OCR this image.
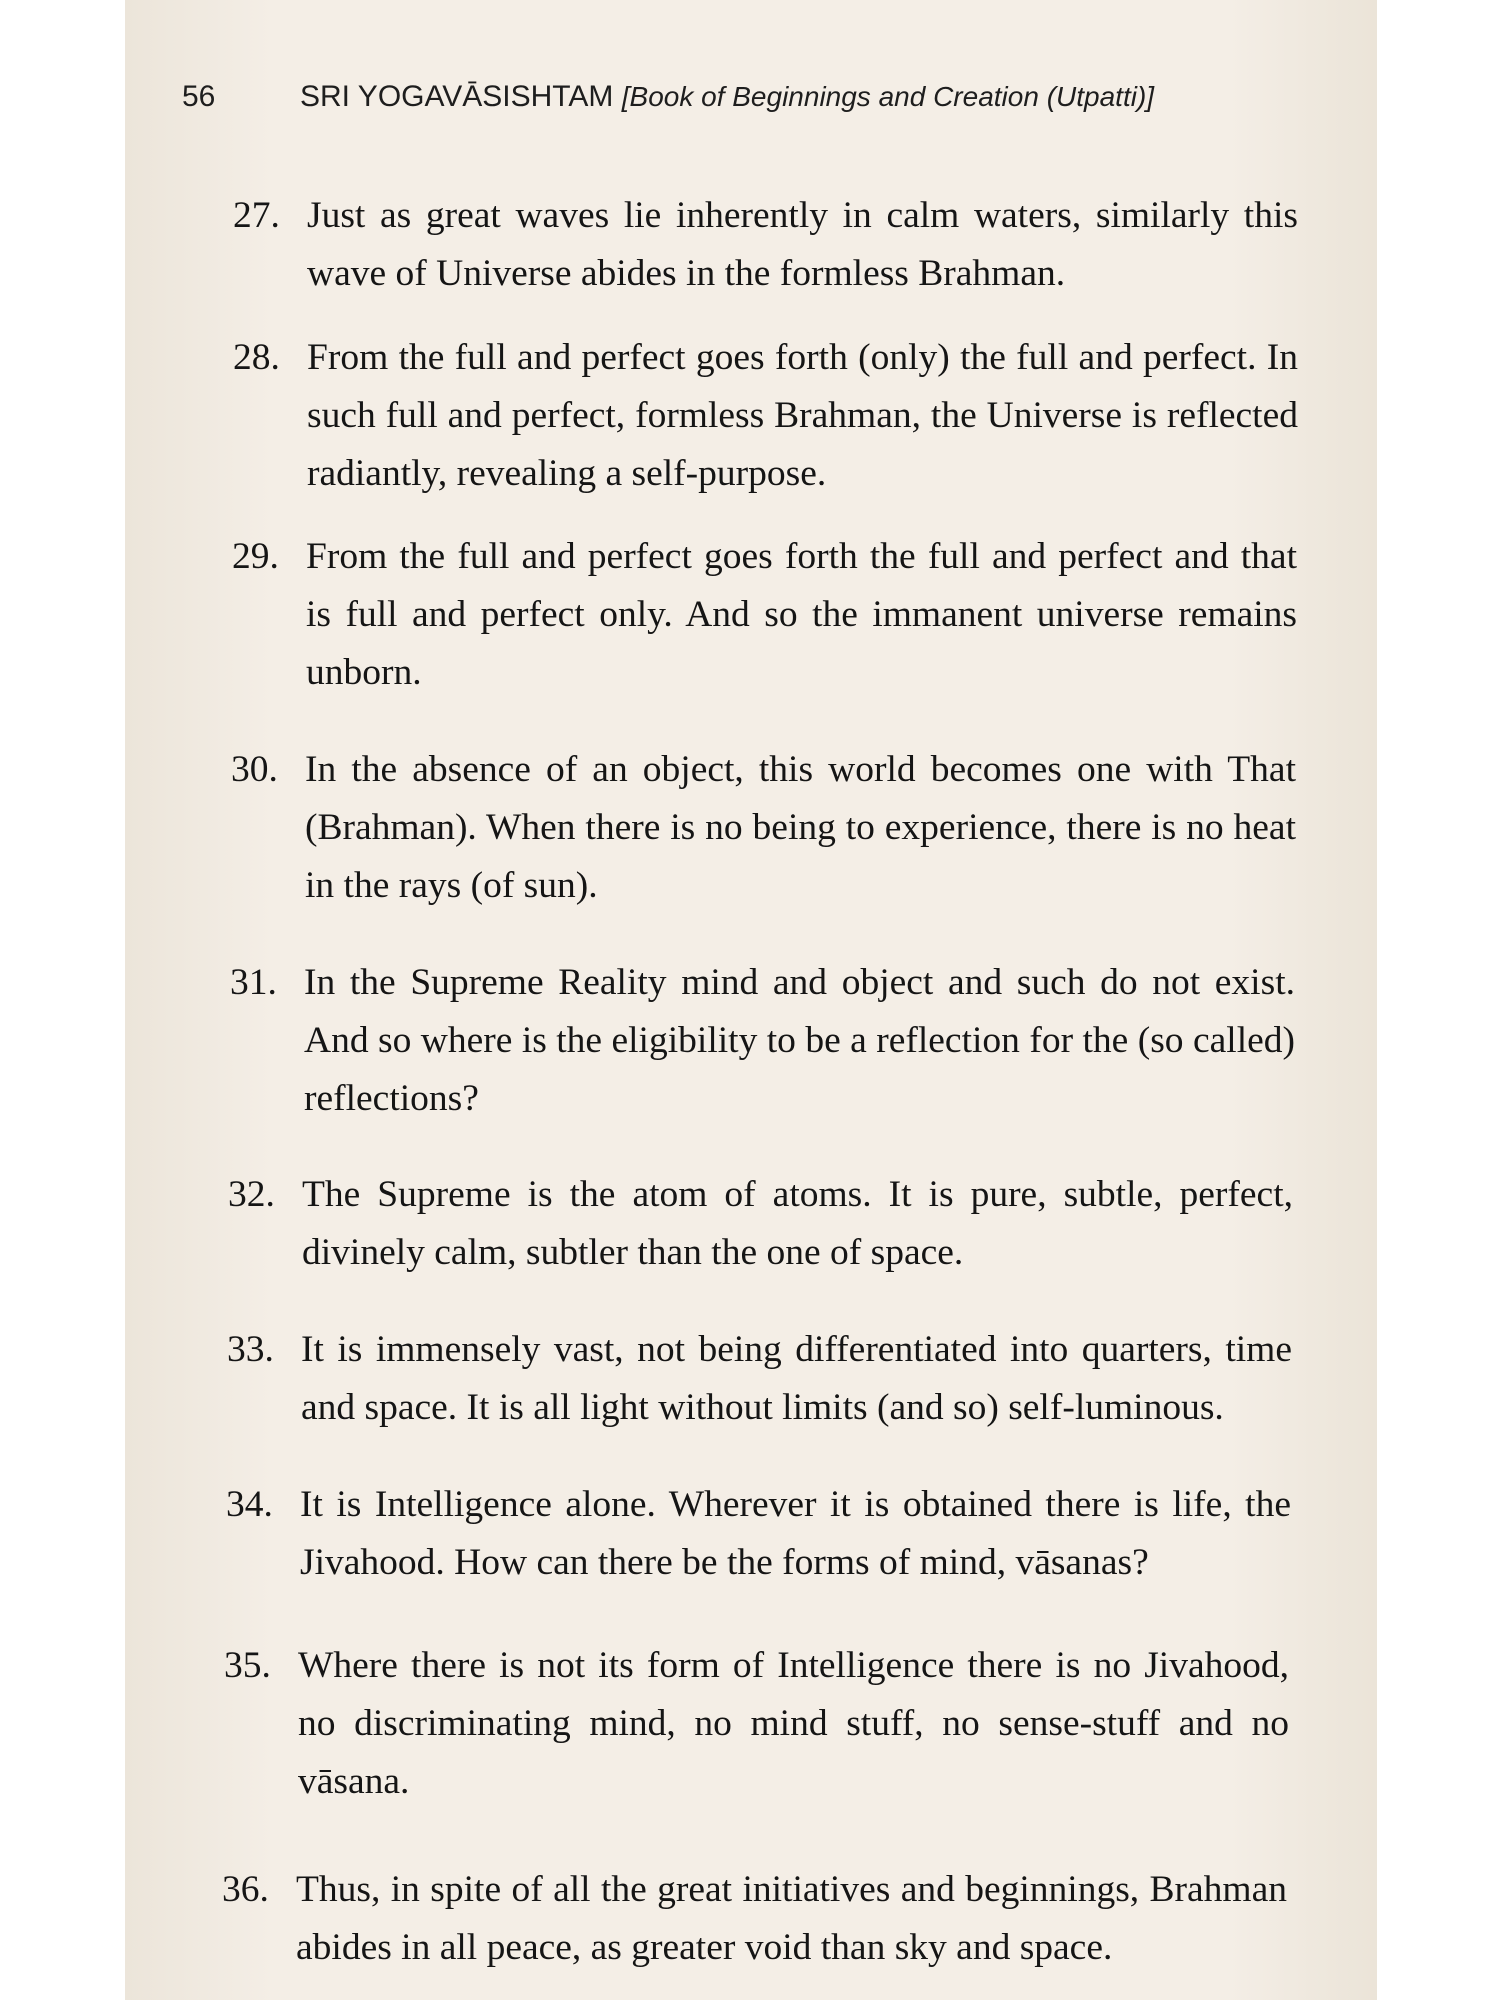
56	SRI YOGAVĀSISHTAM [Book of Beginnings and Creation (Utpatti)]
27. Just as great waves lie inherently in calm waters, similarly this wave of Universe abides in the formless Brahman.
28. From the full and perfect goes forth (only) the full and perfect. In such full and perfect, formless Brahman, the Universe is reflected radiantly, revealing a self-purpose.
29. From the full and perfect goes forth the full and perfect and that is full and perfect only. And so the immanent universe remains unborn.
30. In the absence of an object, this world becomes one with That (Brahman). When there is no being to experience, there is no heat in the rays (of sun).
31. In the Supreme Reality mind and object and such do not exist. And so where is the eligibility to be a reflection for the (so called) reflections?
32. The Supreme is the atom of atoms. It is pure, subtle, perfect, divinely calm, subtler than the one of space.
33. It is immensely vast, not being differentiated into quarters, time and space. It is all light without limits (and so) self-luminous.
34. It is Intelligence alone. Wherever it is obtained there is life, the Jivahood. How can there be the forms of mind, vāsanas?
35. Where there is not its form of Intelligence there is no Jivahood, no discriminating mind, no mind stuff, no sense-stuff and no vāsana.
36. Thus, in spite of all the great initiatives and beginnings, Brahman abides in all peace, as greater void than sky and space.
